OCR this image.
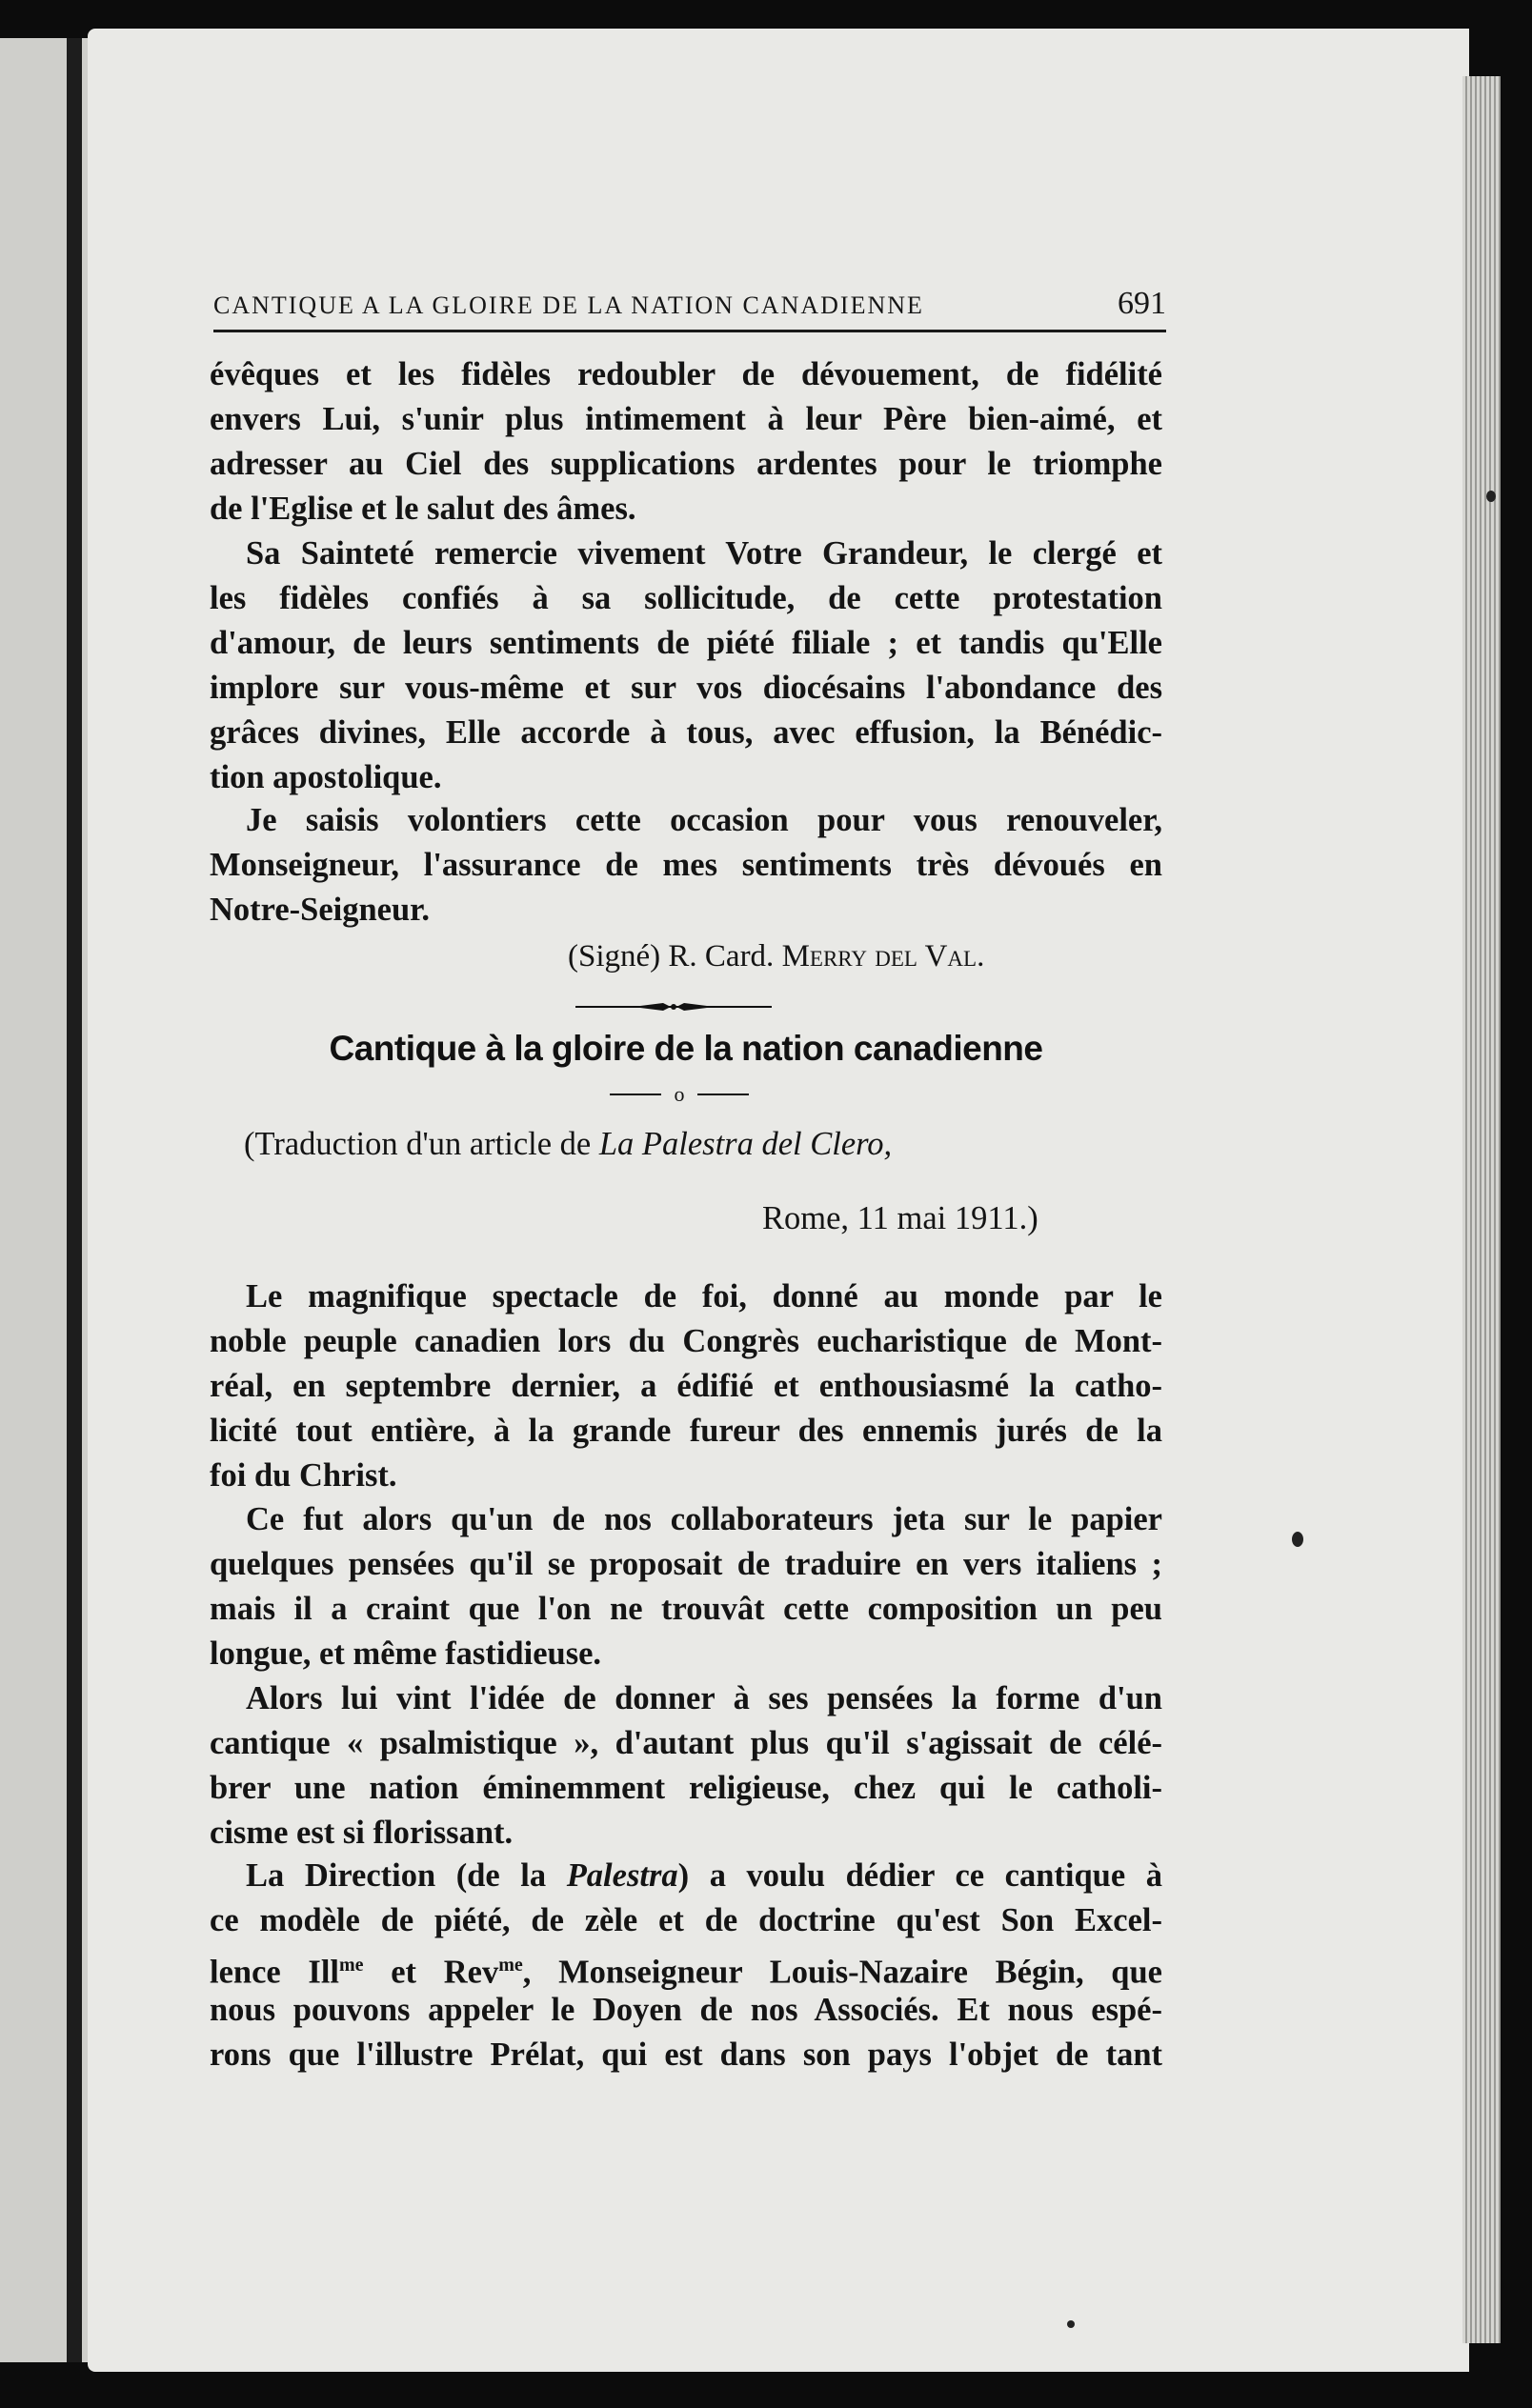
CANTIQUE A LA GLOIRE DE LA NATION CANADIENNE	691
évêques et les fidèles redoubler de dévouement, de fidélité
envers Lui, s'unir plus intimement à leur Père bien-aimé, et
adresser au Ciel des supplications ardentes pour le triomphe
de l'Eglise et le salut des âmes.
Sa Sainteté remercie vivement Votre Grandeur, le clergé et
les fidèles confiés à sa sollicitude, de cette protestation
d'amour, de leurs sentiments de piété filiale ; et tandis qu'Elle
implore sur vous-même et sur vos diocésains l'abondance des
grâces divines, Elle accorde à tous, avec effusion, la Bénédic-
tion apostolique.
Je saisis volontiers cette occasion pour vous renouveler,
Monseigneur, l'assurance de mes sentiments très dévoués en
Notre-Seigneur.
(Signé) R. Card. Merry del Val.
Cantique à la gloire de la nation canadienne
o
(Traduction d'un article de La Palestra del Clero,
Rome, 11 mai 1911.)
Le magnifique spectacle de foi, donné au monde par le
noble peuple canadien lors du Congrès eucharistique de Mont-
réal, en septembre dernier, a édifié et enthousiasmé la catho-
licité tout entière, à la grande fureur des ennemis jurés de la
foi du Christ.
Ce fut alors qu'un de nos collaborateurs jeta sur le papier
quelques pensées qu'il se proposait de traduire en vers italiens ;
mais il a craint que l'on ne trouvât cette composition un peu
longue, et même fastidieuse.
Alors lui vint l'idée de donner à ses pensées la forme d'un
cantique « psalmistique », d'autant plus qu'il s'agissait de célé-
brer une nation éminemment religieuse, chez qui le catholi-
cisme est si florissant.
La Direction (de la Palestra) a voulu dédier ce cantique à
ce modèle de piété, de zèle et de doctrine qu'est Son Excel-
lence Ill$^{me}$ et Rev$^{me}$, Monseigneur Louis-Nazaire Bégin, que
nous pouvons appeler le Doyen de nos Associés. Et nous espé-
rons que l'illustre Prélat, qui est dans son pays l'objet de tant
